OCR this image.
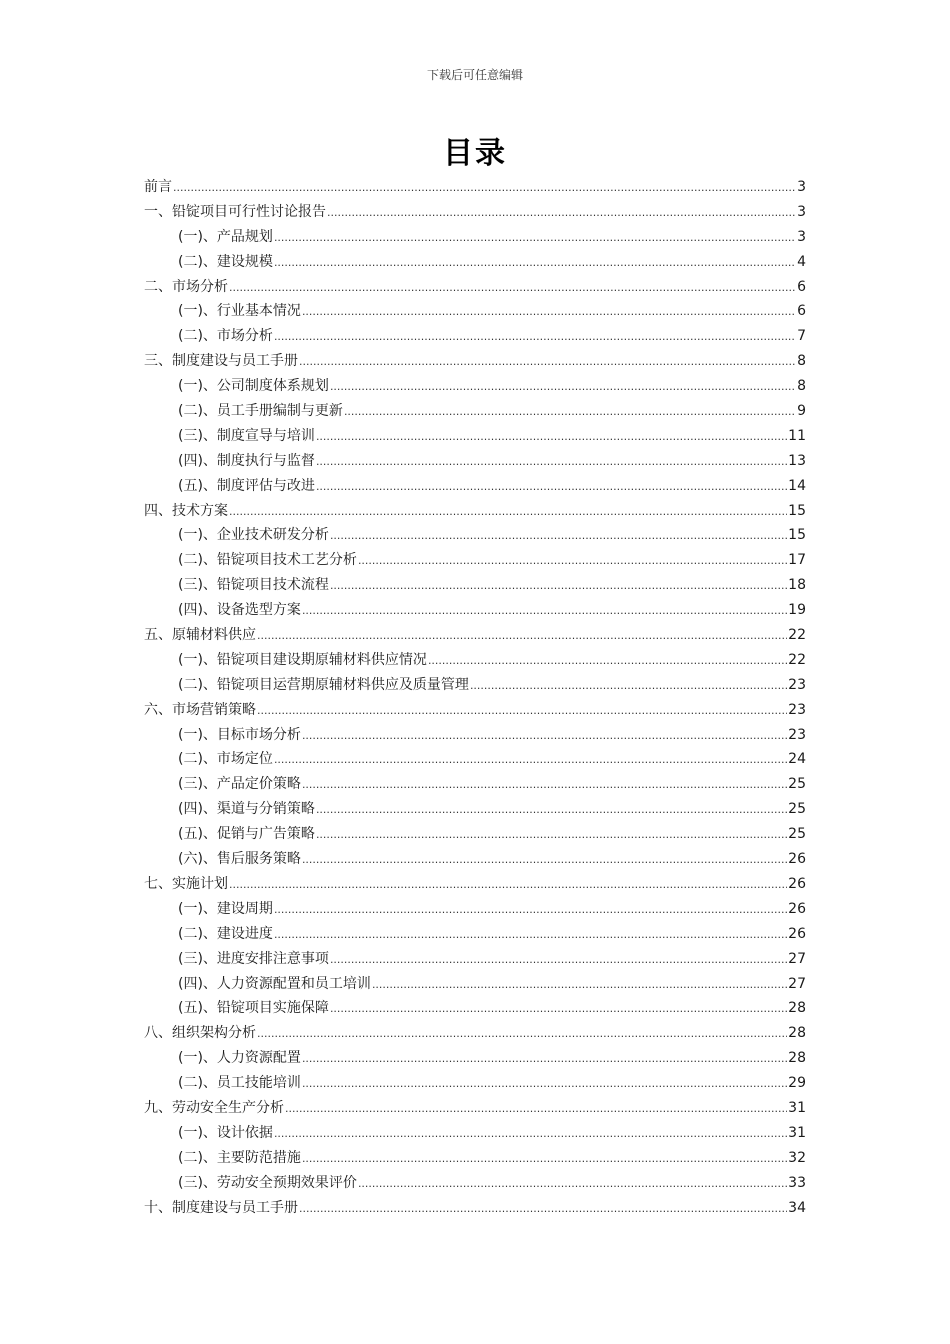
下载后可任意编辑
目录
前言 .....	3
一、铅锭项目可行性讨论报告 .....	3
(一)、产品规划 .....	3
(二)、建设规模 .....	4
二、市场分析 .....	6
(一)、行业基本情况 .....	6
(二)、市场分析 .....	7
三、制度建设与员工手册 .....	8
(一)、公司制度体系规划 .....	8
(二)、员工手册编制与更新 .....	9
(三)、制度宣导与培训 .....	11
(四)、制度执行与监督 .....	13
(五)、制度评估与改进 .....	14
四、技术方案 .....	15
(一)、企业技术研发分析 .....	15
(二)、铅锭项目技术工艺分析 .....	17
(三)、铅锭项目技术流程 .....	18
(四)、设备选型方案 .....	19
五、原辅材料供应 .....	22
(一)、铅锭项目建设期原辅材料供应情况 .....	22
(二)、铅锭项目运营期原辅材料供应及质量管理 .....	23
六、市场营销策略 .....	23
(一)、目标市场分析 .....	23
(二)、市场定位 .....	24
(三)、产品定价策略 .....	25
(四)、渠道与分销策略 .....	25
(五)、促销与广告策略 .....	25
(六)、售后服务策略 .....	26
七、实施计划 .....	26
(一)、建设周期 .....	26
(二)、建设进度 .....	26
(三)、进度安排注意事项 .....	27
(四)、人力资源配置和员工培训 .....	27
(五)、铅锭项目实施保障 .....	28
八、组织架构分析 .....	28
(一)、人力资源配置 .....	28
(二)、员工技能培训 .....	29
九、劳动安全生产分析 .....	31
(一)、设计依据 .....	31
(二)、主要防范措施 .....	32
(三)、劳动安全预期效果评价 .....	33
十、制度建设与员工手册 .....	34
